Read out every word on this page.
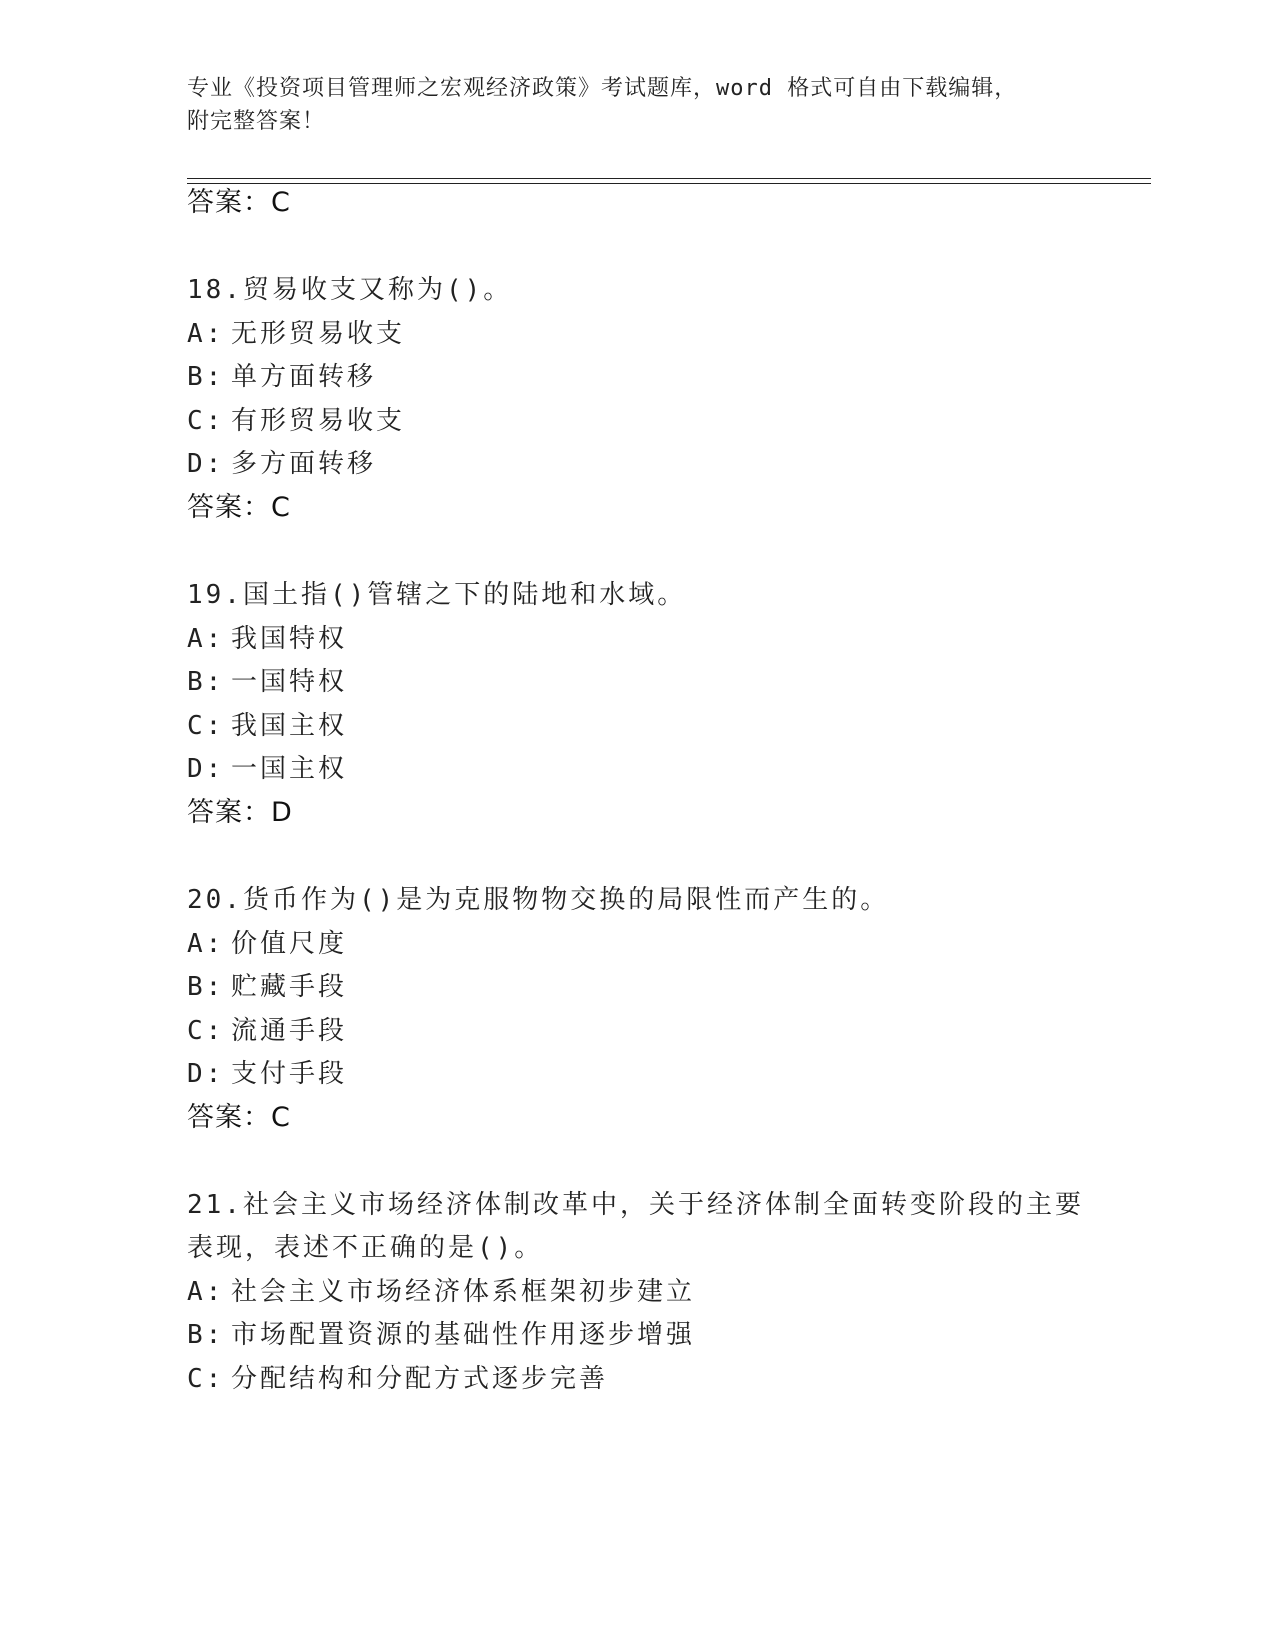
专业《投资项目管理师之宏观经济政策》考试题库，word 格式可自由下载编辑，
附完整答案！
答案：C
18.贸易收支又称为()。
A: 无形贸易收支
B: 单方面转移
C: 有形贸易收支
D: 多方面转移
答案：C
19.国土指()管辖之下的陆地和水域。
A: 我国特权
B: 一国特权
C: 我国主权
D: 一国主权
答案：D
20.货币作为()是为克服物物交换的局限性而产生的。
A: 价值尺度
B: 贮藏手段
C: 流通手段
D: 支付手段
答案：C
21.社会主义市场经济体制改革中，关于经济体制全面转变阶段的主要
表现，表述不正确的是()。
A: 社会主义市场经济体系框架初步建立
B: 市场配置资源的基础性作用逐步增强
C: 分配结构和分配方式逐步完善
